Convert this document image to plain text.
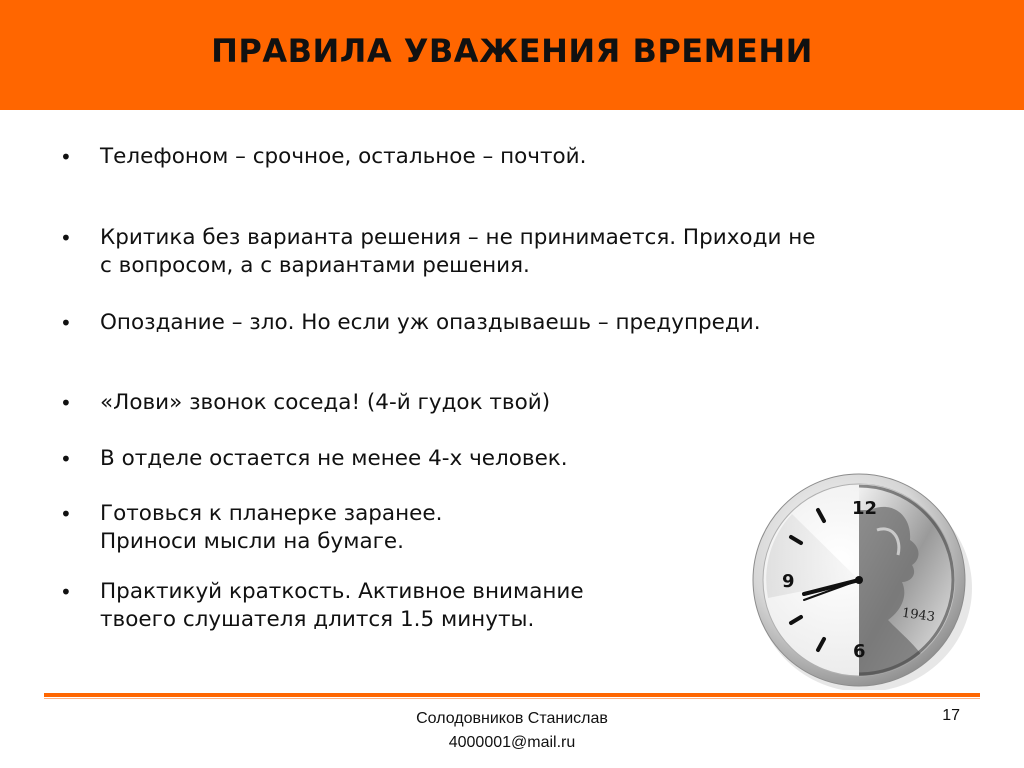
ПРАВИЛА УВАЖЕНИЯ ВРЕМЕНИ
• Телефоном – срочное, остальное – почтой.
• Критика без варианта решения – не принимается. Приходи не
с вопросом, а с вариантами решения.
• Опоздание – зло. Но если уж опаздываешь – предупреди.
• «Лови» звонок соседа! (4-й гудок твой)
• В отделе остается не менее 4-х человек.
• Готовься к планерке заранее.
Приноси мысли на бумаге.
• Практикуй краткость. Активное внимание
твоего слушателя длится 1.5 минуты.
12
9
6
1943
Солодовников Станислав
4000001@mail.ru
17
